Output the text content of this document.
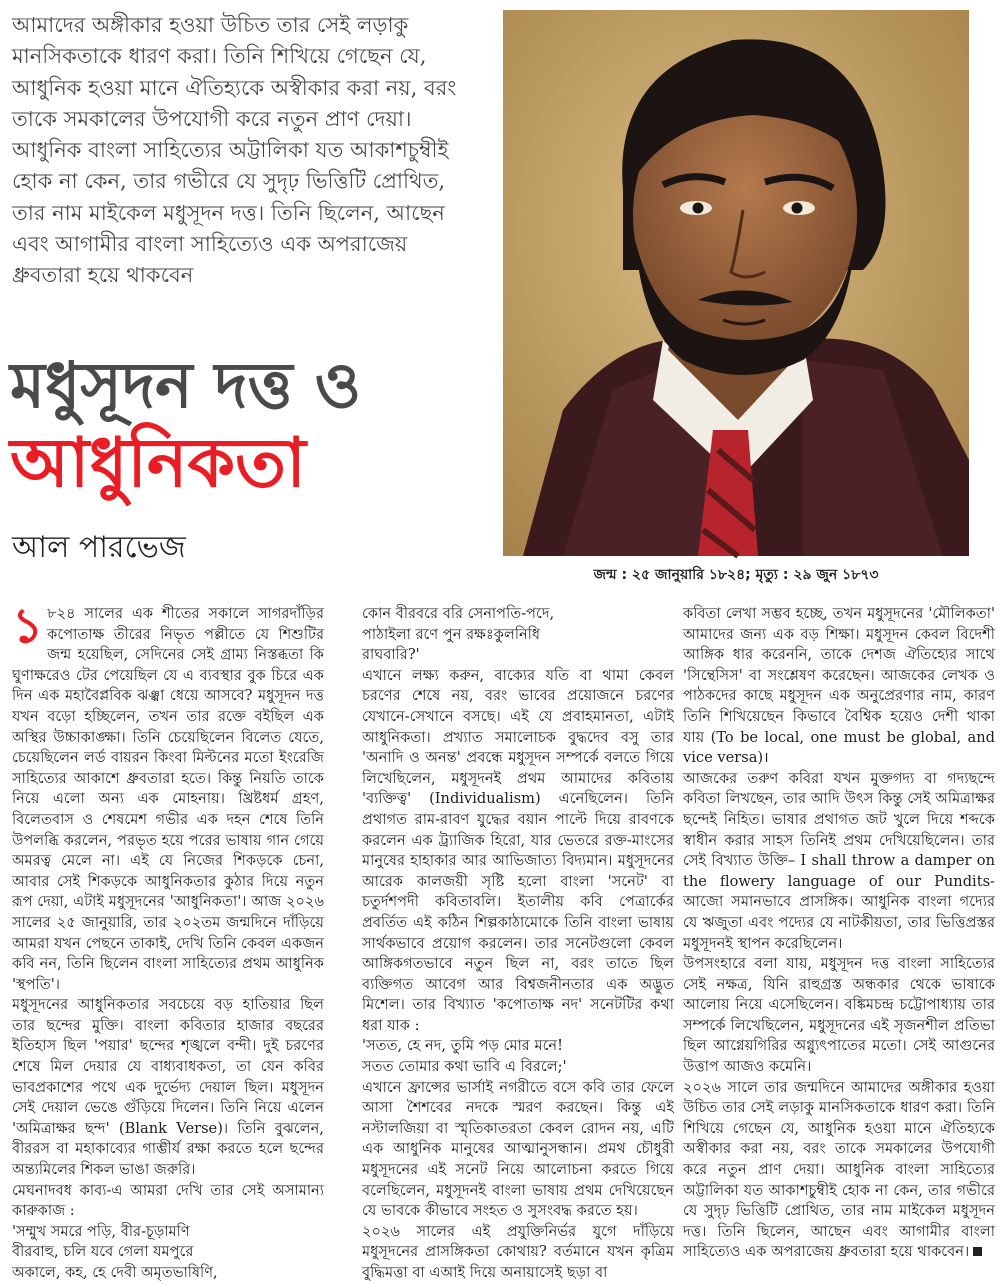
আমাদের অঙ্গীকার হওয়া উচিত তার সেই লড়াকু মানসিকতাকে ধারণ করা। তিনি শিখিয়ে গেছেন যে, আধুনিক হওয়া মানে ঐতিহ্যকে অস্বীকার করা নয়, বরং তাকে সমকালের উপযোগী করে নতুন প্রাণ দেয়া। আধুনিক বাংলা সাহিত্যের অট্টালিকা যত আকাশচুম্বীই হোক না কেন, তার গভীরে যে সুদৃঢ় ভিত্তিটি প্রোথিত, তার নাম মাইকেল মধুসূদন দত্ত। তিনি ছিলেন, আছেন এবং আগামীর বাংলা সাহিত্যেও এক অপরাজেয় ধ্রুবতারা হয়ে থাকবেন

মধুসূদন দত্ত ও
আধুনিকতা

আল পারভেজ

জন্ম : ২৫ জানুয়ারি ১৮২৪; মৃত্যু : ২৯ জুন ১৮৭৩

১ ৮২৪ সালের এক শীতের সকালে সাগরদাঁড়ির কপোতাক্ষ তীরের নিভৃত পল্লীতে যে শিশুটির জন্ম হয়েছিল, সেদিনের সেই গ্রাম্য নিস্তব্ধতা কি ঘুণাক্ষরেও টের পেয়েছিল যে এ ব্যবস্থার বুক চিরে এক দিন এক মহাবৈপ্লবিক ঝঞ্ঝা ধেয়ে আসবে? মধুসূদন দত্ত যখন বড়ো হচ্ছিলেন, তখন তার রক্তে বইছিল এক অস্থির উচ্চাকাঙ্ক্ষা। তিনি চেয়েছিলেন বিলেত যেতে, চেয়েছিলেন লর্ড বায়রন কিংবা মিল্টনের মতো ইংরেজি সাহিত্যের আকাশে ধ্রুবতারা হতে। কিন্তু নিয়তি তাকে নিয়ে এলো অন্য এক মোহনায়। খ্রিষ্টধর্ম গ্রহণ, বিলেতবাস ও শেষমেশ গভীর এক দহন শেষে তিনি উপলব্ধি করলেন, পরভৃত হয়ে পরের ভাষায় গান গেয়ে অমরত্ব মেলে না। এই যে নিজের শিকড়কে চেনা, আবার সেই শিকড়কে আধুনিকতার কুঠার দিয়ে নতুন রূপ দেয়া, এটাই মধুসূদনের 'আধুনিকতা'। আজ ২০২৬ সালের ২৫ জানুয়ারি, তার ২০২তম জন্মদিনে দাঁড়িয়ে আমরা যখন পেছনে তাকাই, দেখি তিনি কেবল একজন কবি নন, তিনি ছিলেন বাংলা সাহিত্যের প্রথম আধুনিক 'স্থপতি'।

মধুসূদনের আধুনিকতার সবচেয়ে বড় হাতিয়ার ছিল তার ছন্দের মুক্তি। বাংলা কবিতার হাজার বছরের ইতিহাস ছিল 'পয়ার' ছন্দের শৃঙ্খলে বন্দী। দুই চরণের শেষে মিল দেয়ার যে বাধ্যবাধকতা, তা যেন কবির ভাবপ্রকাশের পথে এক দুর্ভেদ্য দেয়াল ছিল। মধুসূদন সেই দেয়াল ভেঙে গুঁড়িয়ে দিলেন। তিনি নিয়ে এলেন 'অমিত্রাক্ষর ছন্দ' (Blank Verse)। তিনি বুঝলেন, বীররস বা মহাকাব্যের গাম্ভীর্য রক্ষা করতে হলে ছন্দের অন্ত্যমিলের শিকল ভাঙা জরুরি।

মেঘনাদবধ কাব্য-এ আমরা দেখি তার সেই অসামান্য কারুকাজ :

'সম্মুখ সমরে পড়ি, বীর-চূড়ামণি

বীরবাহু, চলি যবে গেলা যমপুরে

অকালে, কহ, হে দেবী অমৃতভাষিণি,

কোন বীরবরে বরি সেনাপতি-পদে,

পাঠাইলা রণে পুন রক্ষঃকুলনিধি

রাঘবারি?'

এখানে লক্ষ্য করুন, বাক্যের যতি বা থামা কেবল চরণের শেষে নয়, বরং ভাবের প্রয়োজনে চরণের যেখানে-সেখানে বসছে। এই যে প্রবাহমানতা, এটাই আধুনিকতা। প্রখ্যাত সমালোচক বুদ্ধদেব বসু তার 'অনাদি ও অনন্ত' প্রবন্ধে মধুসূদন সম্পর্কে বলতে গিয়ে লিখেছিলেন, মধুসূদনই প্রথম আমাদের কবিতায় 'ব্যক্তিত্ব' (Individualism) এনেছিলেন। তিনি প্রথাগত রাম-রাবণ যুদ্ধের বয়ান পাল্টে দিয়ে রাবণকে করলেন এক ট্র্যাজিক হিরো, যার ভেতরে রক্ত-মাংসের মানুষের হাহাকার আর আভিজাত্য বিদ্যমান। মধুসূদনের আরেক কালজয়ী সৃষ্টি হলো বাংলা 'সনেট' বা চতুর্দশপদী কবিতাবলি। ইতালীয় কবি পেত্রার্কের প্রবর্তিত এই কঠিন শিল্পকাঠামোকে তিনি বাংলা ভাষায় সার্থকভাবে প্রয়োগ করলেন। তার সনেটগুলো কেবল আঙ্গিকগতভাবে নতুন ছিল না, বরং তাতে ছিল ব্যক্তিগত আবেগ আর বিশ্বজনীনতার এক অদ্ভুত মিশেল। তার বিখ্যাত 'কপোতাক্ষ নদ' সনেটটির কথা ধরা যাক :

'সতত, হে নদ, তুমি পড় মোর মনে!

সতত তোমার কথা ভাবি এ বিরলে;'

এখানে ফ্রান্সের ভার্সাই নগরীতে বসে কবি তার ফেলে আসা শৈশবের নদকে স্মরণ করছেন। কিন্তু এই নস্টালজিয়া বা স্মৃতিকাতরতা কেবল রোদন নয়, এটি এক আধুনিক মানুষের আত্মানুসন্ধান। প্রমথ চৌধুরী মধুসূদনের এই সনেট নিয়ে আলোচনা করতে গিয়ে বলেছিলেন, মধুসূদনই বাংলা ভাষায় প্রথম দেখিয়েছেন যে ভাবকে কীভাবে সংহত ও সুসংবদ্ধ করতে হয়।

২০২৬ সালের এই প্রযুক্তিনির্ভর যুগে দাঁড়িয়ে মধুসূদনের প্রাসঙ্গিকতা কোথায়? বর্তমানে যখন কৃত্রিম বুদ্ধিমত্তা বা এআই দিয়ে অনায়াসেই ছড়া বা

কবিতা লেখা সম্ভব হচ্ছে, তখন মধুসূদনের 'মৌলিকতা' আমাদের জন্য এক বড় শিক্ষা। মধুসূদন কেবল বিদেশী আঙ্গিক ধার করেননি, তাকে দেশজ ঐতিহ্যের সাথে 'সিন্থেসিস' বা সংশ্লেষণ করেছেন। আজকের লেখক ও পাঠকদের কাছে মধুসূদন এক অনুপ্রেরণার নাম, কারণ তিনি শিখিয়েছেন কিভাবে বৈশ্বিক হয়েও দেশী থাকা যায় (To be local, one must be global, and vice versa)।

আজকের তরুণ কবিরা যখন মুক্তগদ্য বা গদ্যছন্দে কবিতা লিখছেন, তার আদি উৎস কিন্তু সেই অমিত্রাক্ষর ছন্দেই নিহিত। ভাষার প্রথাগত জট খুলে দিয়ে শব্দকে স্বাধীন করার সাহস তিনিই প্রথম দেখিয়েছিলেন। তার সেই বিখ্যাত উক্তি– I shall throw a damper on the flowery language of our Pundits- আজো সমানভাবে প্রাসঙ্গিক। আধুনিক বাংলা গদ্যের যে ঋজুতা এবং পদ্যের যে নাটকীয়তা, তার ভিত্তিপ্রস্তর মধুসূদনই স্থাপন করেছিলেন।

উপসংহারে বলা যায়, মধুসূদন দত্ত বাংলা সাহিত্যের সেই নক্ষত্র, যিনি রাহুগ্রস্ত অন্ধকার থেকে ভাষাকে আলোয় নিয়ে এসেছিলেন। বঙ্কিমচন্দ্র চট্টোপাধ্যায় তার সম্পর্কে লিখেছিলেন, মধুসূদনের এই সৃজনশীল প্রতিভা ছিল আগ্নেয়গিরির অগ্ন্যুৎপাতের মতো। সেই আগুনের উত্তাপ আজও কমেনি।

২০২৬ সালে তার জন্মদিনে আমাদের অঙ্গীকার হওয়া উচিত তার সেই লড়াকু মানসিকতাকে ধারণ করা। তিনি শিখিয়ে গেছেন যে, আধুনিক হওয়া মানে ঐতিহ্যকে অস্বীকার করা নয়, বরং তাকে সমকালের উপযোগী করে নতুন প্রাণ দেয়া। আধুনিক বাংলা সাহিত্যের অট্টালিকা যত আকাশচুম্বীই হোক না কেন, তার গভীরে যে সুদৃঢ় ভিত্তিটি প্রোথিত, তার নাম মাইকেল মধুসূদন দত্ত। তিনি ছিলেন, আছেন এবং আগামীর বাংলা সাহিত্যেও এক অপরাজেয় ধ্রুবতারা হয়ে থাকবেন।
